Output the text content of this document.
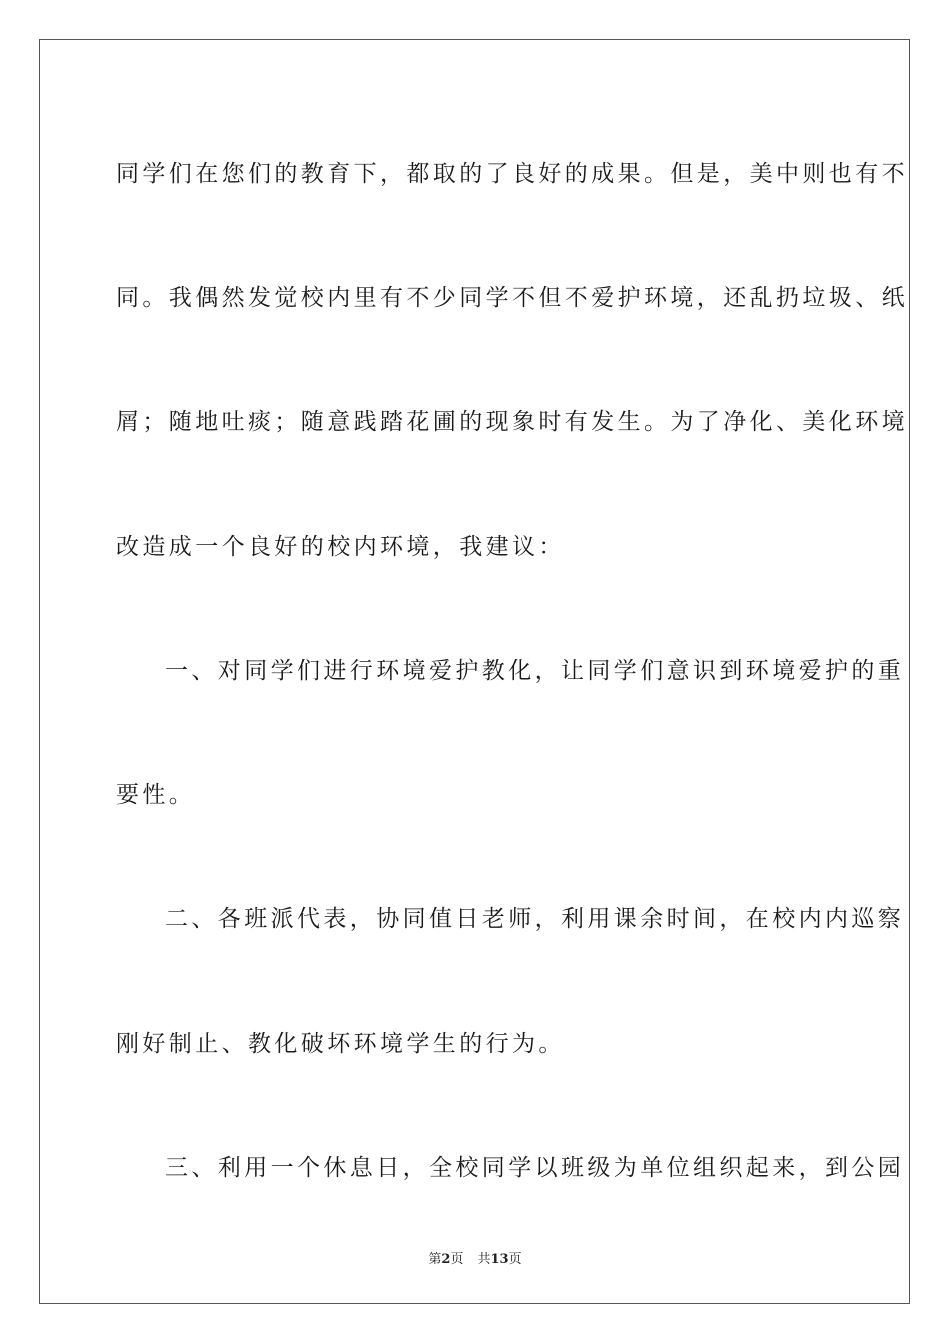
同学们在您们的教育下，都取的了良好的成果。但是，美中则也有不
同。我偶然发觉校内里有不少同学不但不爱护环境，还乱扔垃圾、纸
屑；随地吐痰；随意践踏花圃的现象时有发生。为了净化、美化环境
改造成一个良好的校内环境，我建议：
一、对同学们进行环境爱护教化，让同学们意识到环境爱护的重
要性。
二、各班派代表，协同值日老师，利用课余时间，在校内内巡察
刚好制止、教化破坏环境学生的行为。
三、利用一个休息日，全校同学以班级为单位组织起来，到公园
第2页 共13页
